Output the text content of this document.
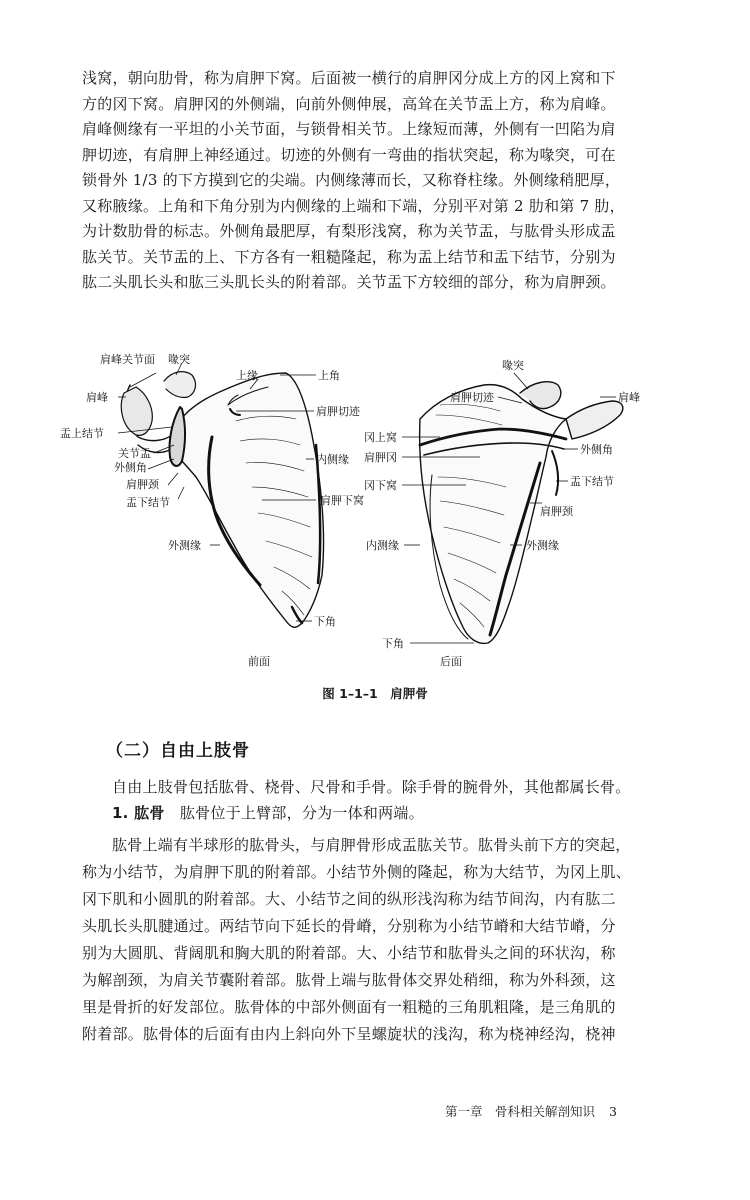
浅窝，朝向肋骨，称为肩胛下窝。后面被一横行的肩胛冈分成上方的冈上窝和下
方的冈下窝。肩胛冈的外侧端，向前外侧伸展，高耸在关节盂上方，称为肩峰。
肩峰侧缘有一平坦的小关节面，与锁骨相关节。上缘短而薄，外侧有一凹陷为肩
胛切迹，有肩胛上神经通过。切迹的外侧有一弯曲的指状突起，称为喙突，可在
锁骨外 1/3 的下方摸到它的尖端。内侧缘薄而长，又称脊柱缘。外侧缘稍肥厚，
又称腋缘。上角和下角分别为内侧缘的上端和下端，分别平对第 2 肋和第 7 肋，
为计数肋骨的标志。外侧角最肥厚，有梨形浅窝，称为关节盂，与肱骨头形成盂
肱关节。关节盂的上、下方各有一粗糙隆起，称为盂上结节和盂下结节，分别为
肱二头肌长头和肱三头肌长头的附着部。关节盂下方较细的部分，称为肩胛颈。
肩峰关节面 喙突
上缘	上角
肩峰
肩胛切迹
盂上结节
关节盂
外侧角
内侧缘
肩胛颈
肩胛下窝
盂下结节
外测缘
下角
前面
喙突
肩胛切迹	肩峰
冈上窝
肩胛冈
外侧角
冈下窝	盂下结节
肩胛颈
内测缘	外测缘
下角
后面
图 1–1–1　肩胛骨
（二）自由上肢骨
自由上肢骨包括肱骨、桡骨、尺骨和手骨。除手骨的腕骨外，其他都属长骨。
1. 肱骨　肱骨位于上臂部，分为一体和两端。
肱骨上端有半球形的肱骨头，与肩胛骨形成盂肱关节。肱骨头前下方的突起，
称为小结节，为肩胛下肌的附着部。小结节外侧的隆起，称为大结节，为冈上肌、
冈下肌和小圆肌的附着部。大、小结节之间的纵形浅沟称为结节间沟，内有肱二
头肌长头肌腱通过。两结节向下延长的骨嵴，分别称为小结节嵴和大结节嵴，分
别为大圆肌、背阔肌和胸大肌的附着部。大、小结节和肱骨头之间的环状沟，称
为解剖颈，为肩关节囊附着部。肱骨上端与肱骨体交界处稍细，称为外科颈，这
里是骨折的好发部位。肱骨体的中部外侧面有一粗糙的三角肌粗隆，是三角肌的
附着部。肱骨体的后面有由内上斜向外下呈螺旋状的浅沟，称为桡神经沟，桡神
第一章　骨科相关解剖知识 3
